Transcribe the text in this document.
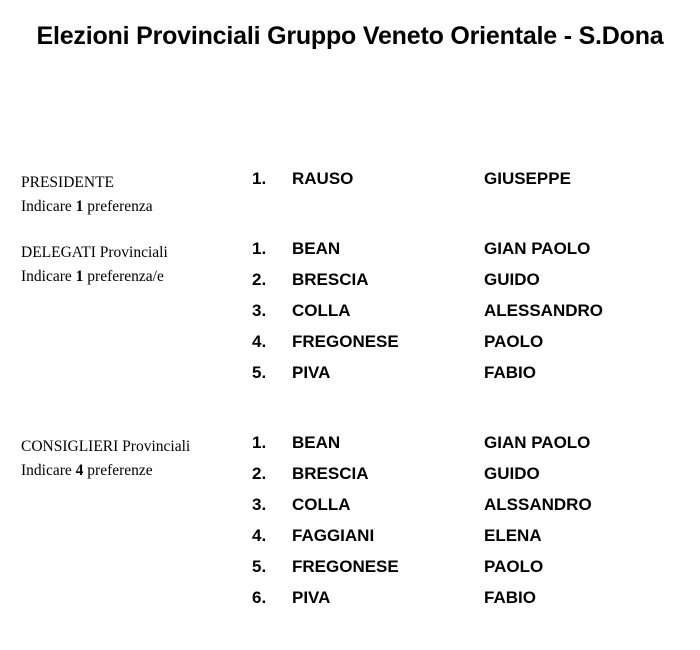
Elezioni Provinciali Gruppo Veneto Orientale - S.Dona
PRESIDENTE
Indicare 1 preferenza
1. RAUSO	GIUSEPPE
DELEGATI Provinciali
Indicare 1 preferenza/e
1. BEAN	GIAN PAOLO
2. BRESCIA	GUIDO
3. COLLA	ALESSANDRO
4. FREGONESE	PAOLO
5. PIVA	FABIO
CONSIGLIERI Provinciali
Indicare 4 preferenze
1. BEAN	GIAN PAOLO
2. BRESCIA	GUIDO
3. COLLA	ALSSANDRO
4. FAGGIANI	ELENA
5. FREGONESE	PAOLO
6. PIVA	FABIO
